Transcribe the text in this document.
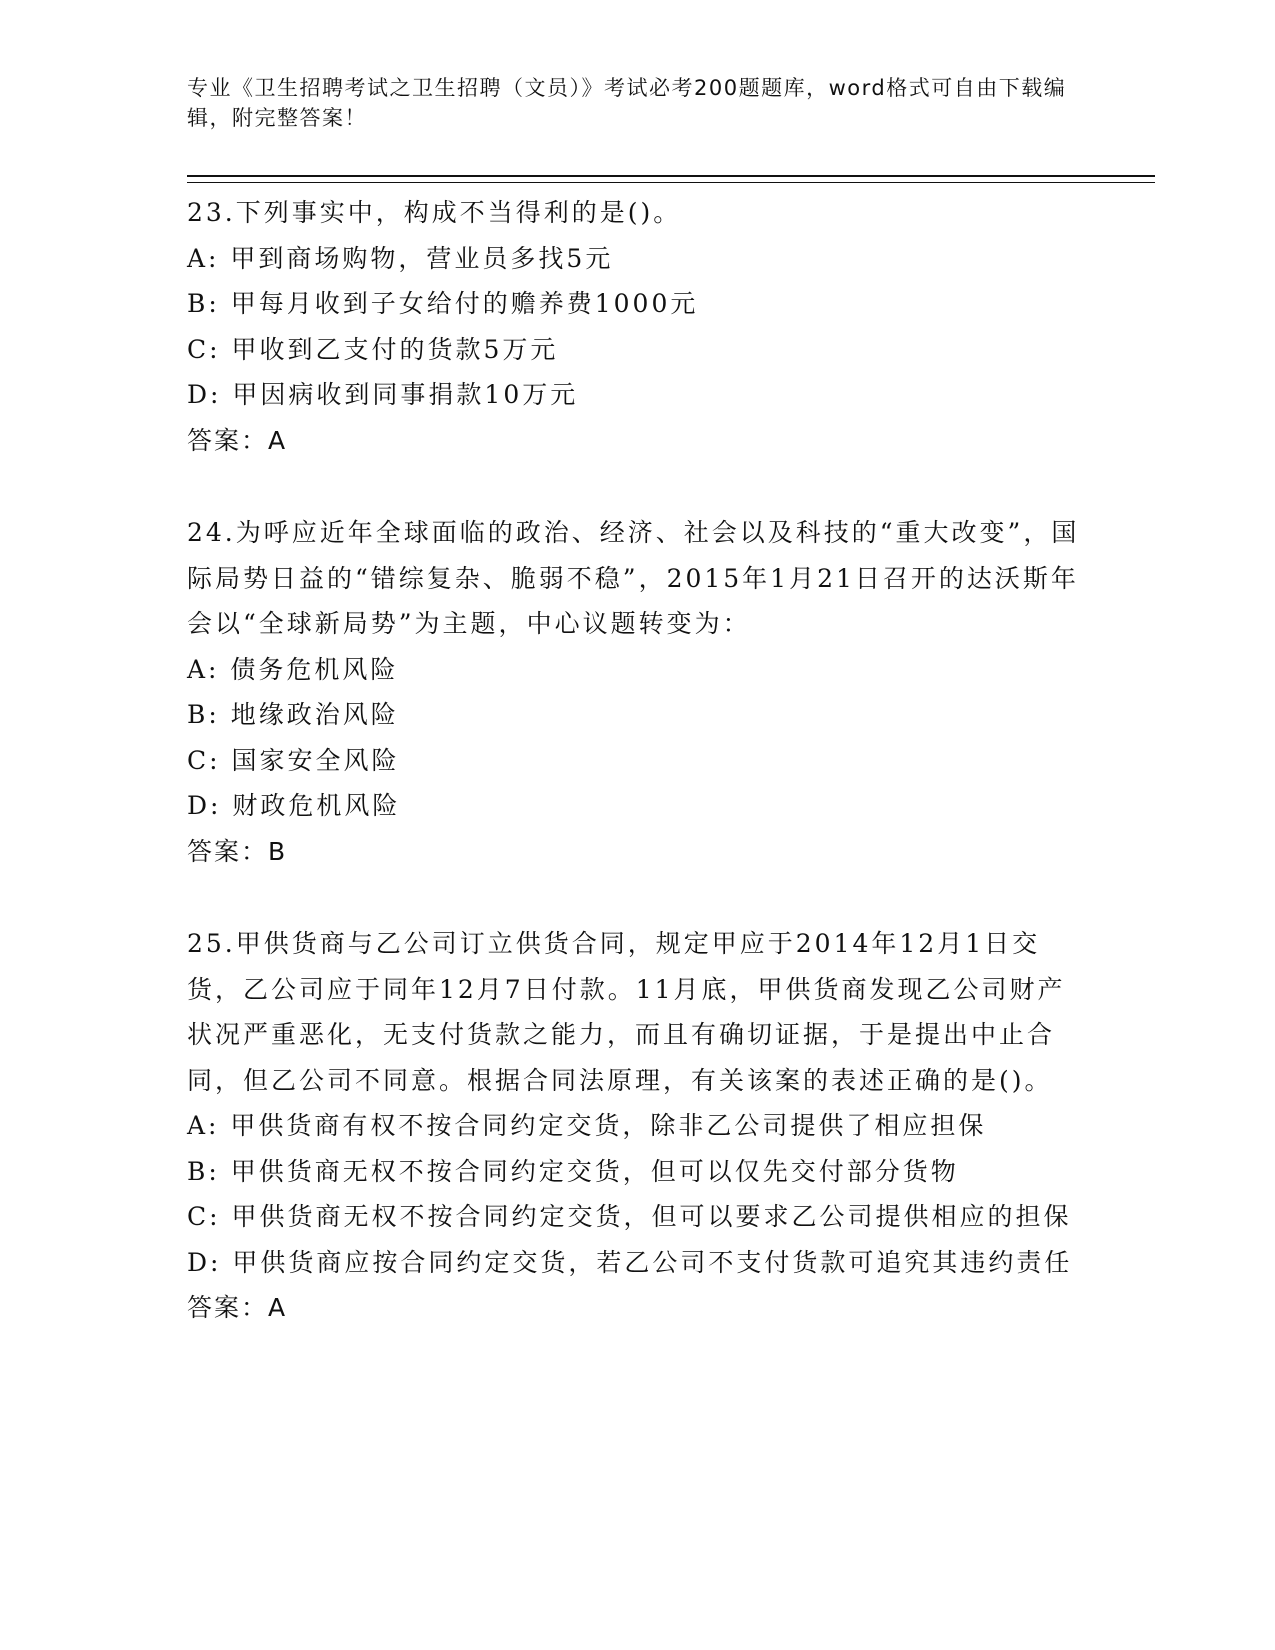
专业《卫生招聘考试之卫生招聘（文员）》考试必考200题题库，word格式可自由下载编辑，附完整答案！

23.下列事实中，构成不当得利的是()。

A: 甲到商场购物，营业员多找5元

B: 甲每月收到子女给付的赡养费1000元

C: 甲收到乙支付的货款5万元

D: 甲因病收到同事捐款10万元

答案：A

24.为呼应近年全球面临的政治、经济、社会以及科技的“重大改变”，国际局势日益的“错综复杂、脆弱不稳”，2015年1月21日召开的达沃斯年会以“全球新局势”为主题，中心议题转变为：

A: 债务危机风险

B: 地缘政治风险

C: 国家安全风险

D: 财政危机风险

答案：B

25.甲供货商与乙公司订立供货合同，规定甲应于2014年12月1日交货，乙公司应于同年12月7日付款。11月底，甲供货商发现乙公司财产状况严重恶化，无支付货款之能力，而且有确切证据，于是提出中止合同，但乙公司不同意。根据合同法原理，有关该案的表述正确的是()。

A: 甲供货商有权不按合同约定交货，除非乙公司提供了相应担保

B: 甲供货商无权不按合同约定交货，但可以仅先交付部分货物

C: 甲供货商无权不按合同约定交货，但可以要求乙公司提供相应的担保

D: 甲供货商应按合同约定交货，若乙公司不支付货款可追究其违约责任

答案：A
